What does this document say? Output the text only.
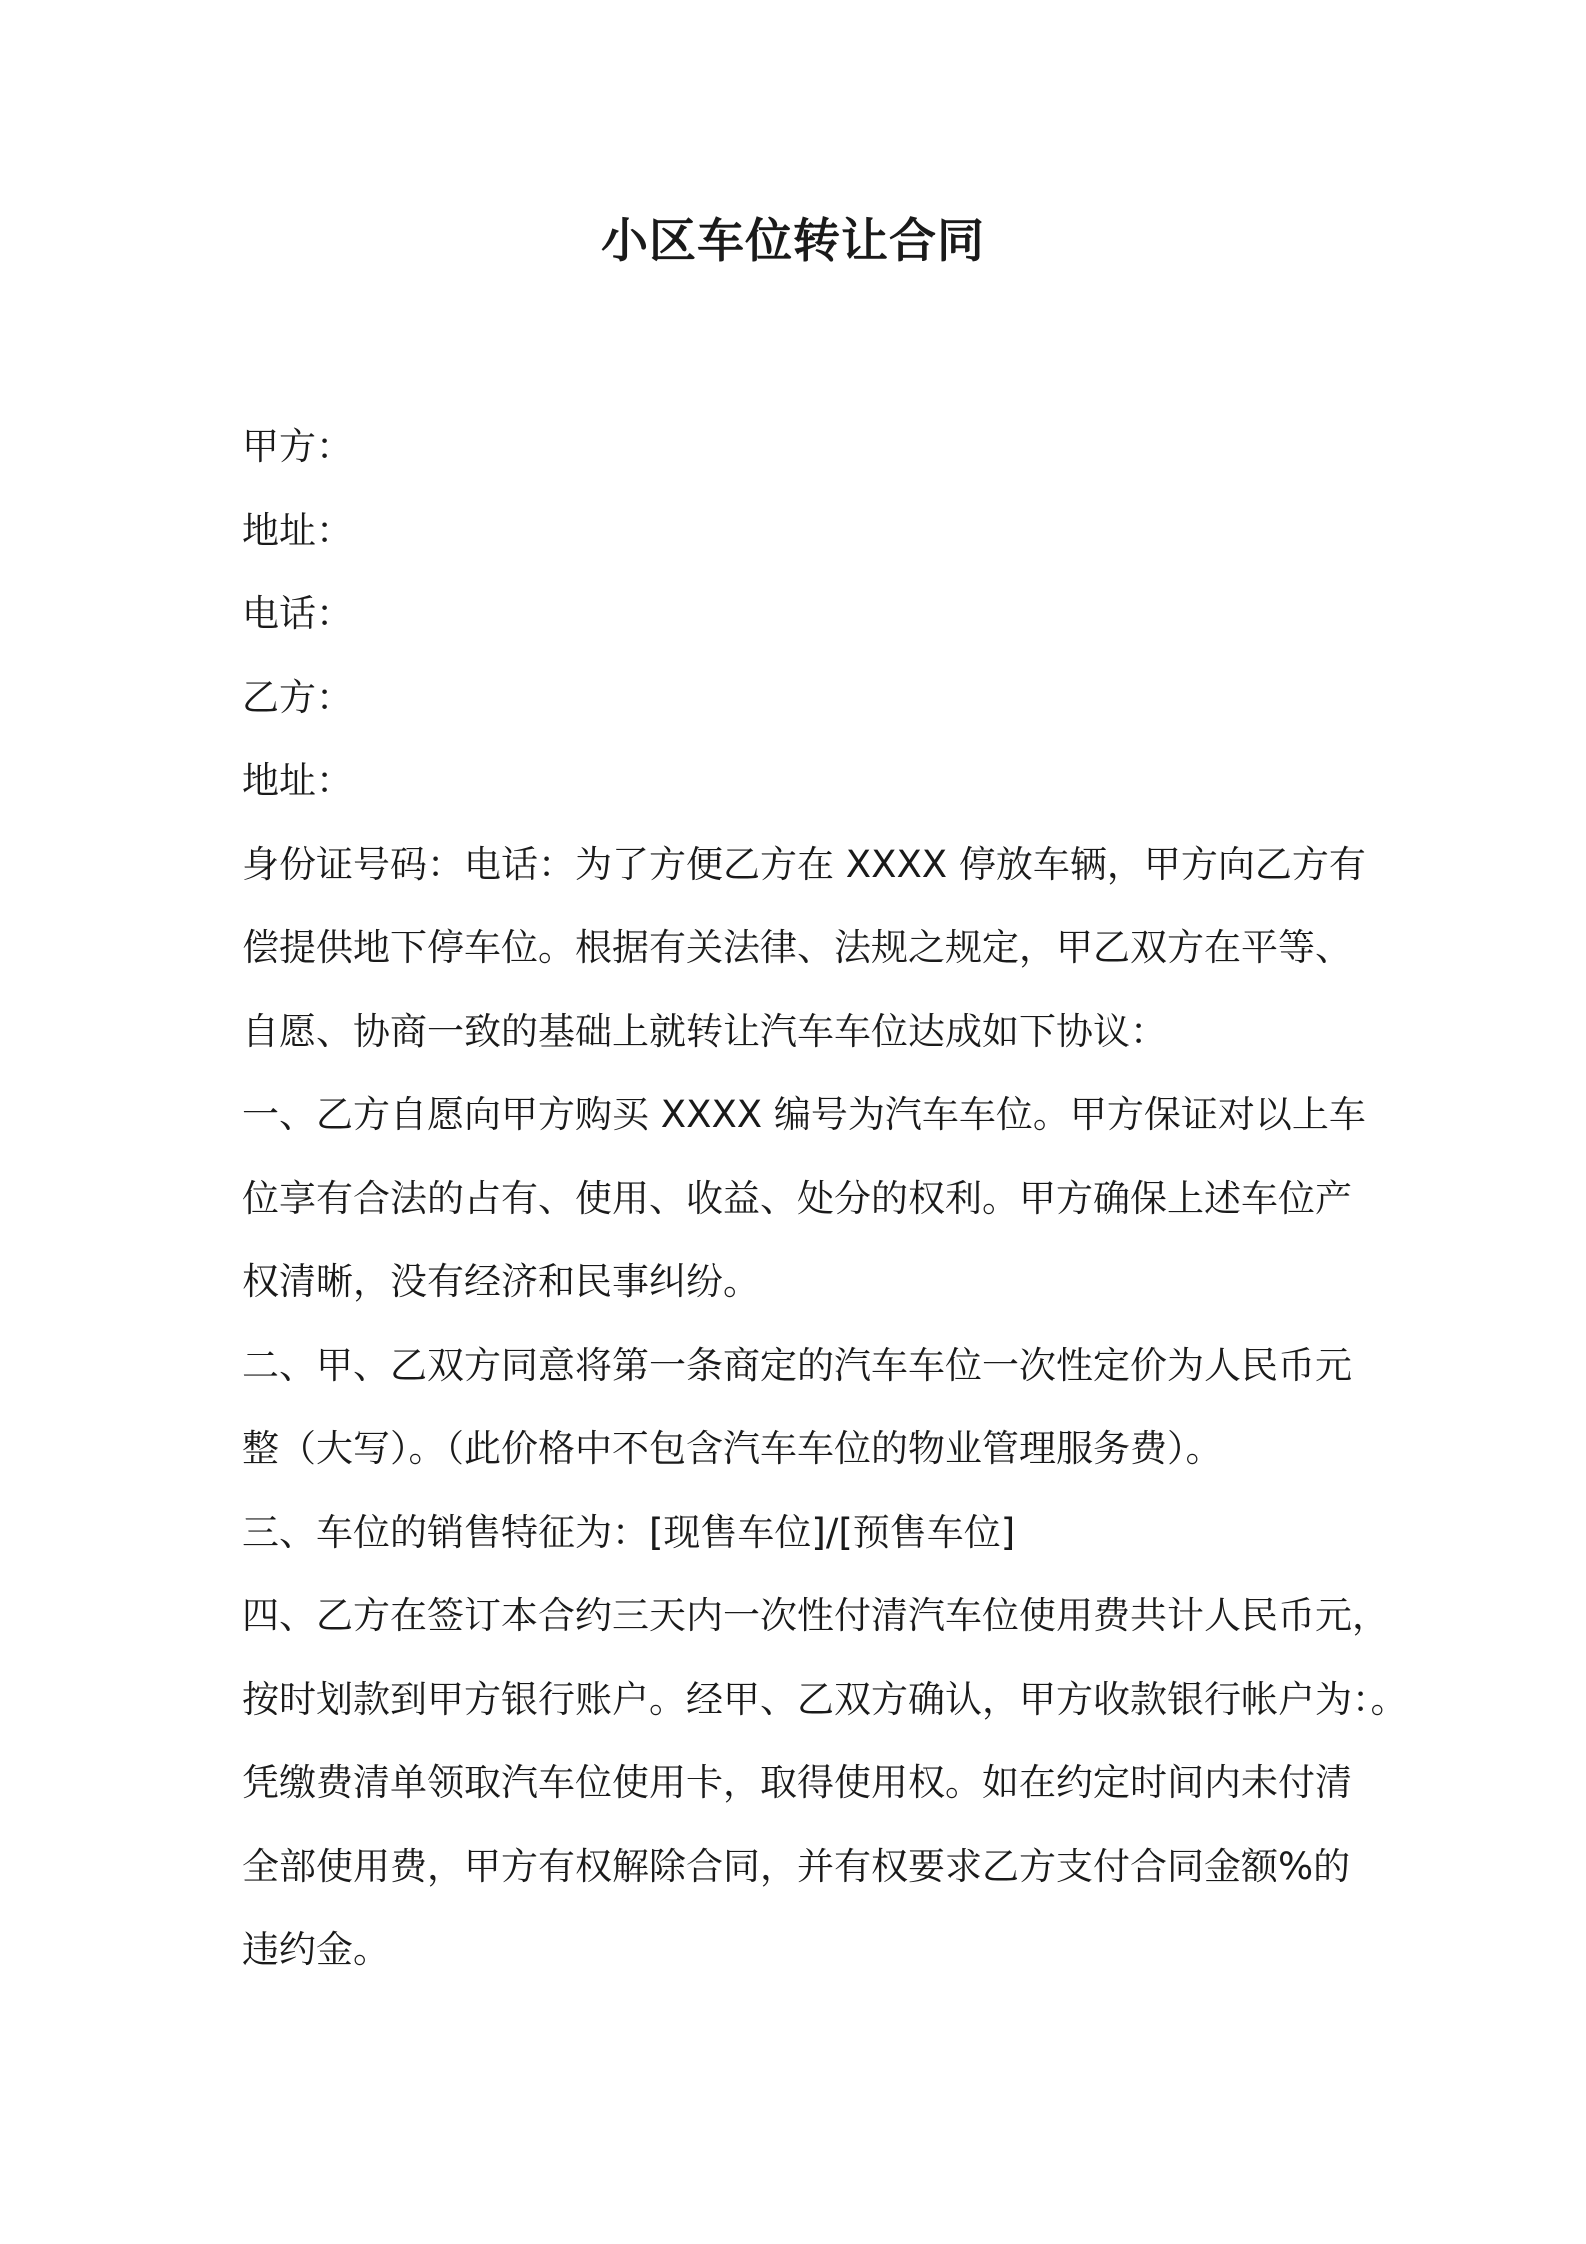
小区车位转让合同

甲方：

地址：

电话：

乙方：

地址：

身份证号码：电话：为了方便乙方在 XXXX 停放车辆，甲方向乙方有

偿提供地下停车位。根据有关法律、法规之规定，甲乙双方在平等、

自愿、协商一致的基础上就转让汽车车位达成如下协议：

一、乙方自愿向甲方购买 XXXX 编号为汽车车位。甲方保证对以上车

位享有合法的占有、使用、收益、处分的权利。甲方确保上述车位产

权清晰，没有经济和民事纠纷。

二、甲、乙双方同意将第一条商定的汽车车位一次性定价为人民币元

整（大写）。（此价格中不包含汽车车位的物业管理服务费）。

三、车位的销售特征为：[现售车位]/[预售车位]

四、乙方在签订本合约三天内一次性付清汽车位使用费共计人民币元，

按时划款到甲方银行账户。经甲、乙双方确认，甲方收款银行帐户为：。

凭缴费清单领取汽车位使用卡，取得使用权。如在约定时间内未付清

全部使用费，甲方有权解除合同，并有权要求乙方支付合同金额%的

违约金。
